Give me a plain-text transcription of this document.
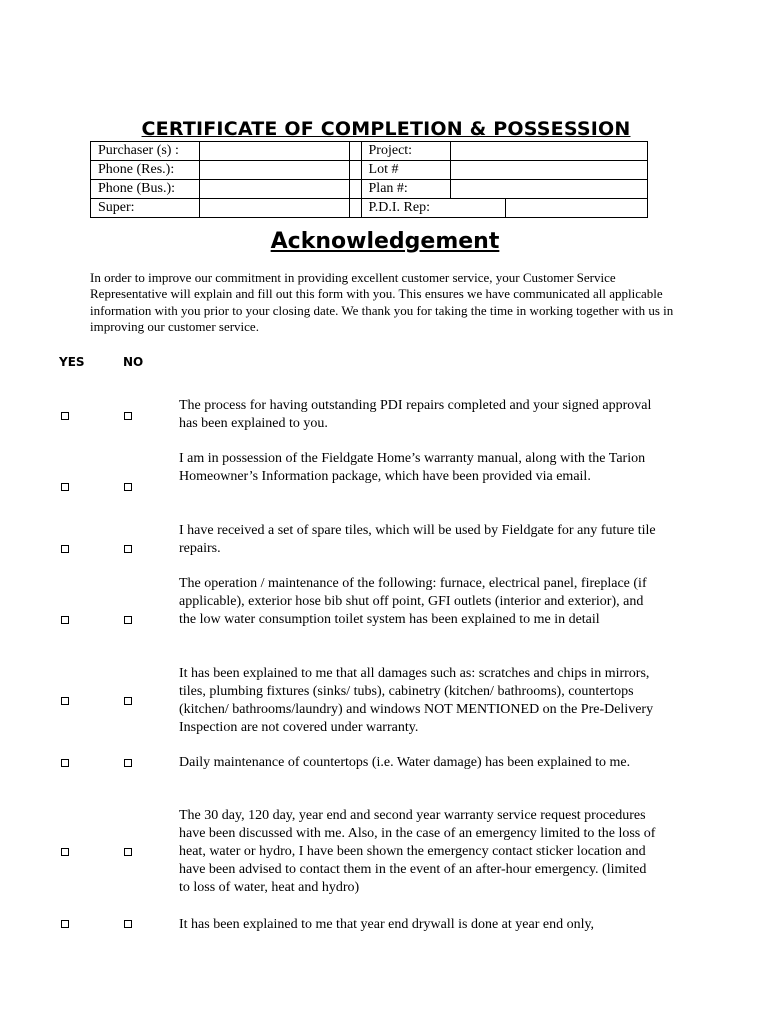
CERTIFICATE OF COMPLETION & POSSESSION
Purchaser (s) :			Project:		
Phone (Res.):			Lot #		
Phone (Bus.):			Plan #:		
Super:			P.D.I. Rep:		
Acknowledgement
In order to improve our commitment in providing excellent customer service, your Customer Service Representative will explain and fill out this form with you. This ensures we have communicated all applicable information with you prior to your closing date. We thank you for taking the time in working together with us in improving our customer service.
YES	NO
The process for having outstanding PDI repairs completed and your signed approval has been explained to you.
I am in possession of the Fieldgate Home’s warranty manual, along with the Tarion Homeowner’s Information package, which have been provided via email.
I have received a set of spare tiles, which will be used by Fieldgate for any future tile repairs.
The operation / maintenance of the following: furnace, electrical panel, fireplace (if applicable), exterior hose bib shut off point, GFI outlets (interior and exterior), and the low water consumption toilet system has been explained to me in detail
It has been explained to me that all damages such as: scratches and chips in mirrors, tiles, plumbing fixtures (sinks/ tubs), cabinetry (kitchen/ bathrooms), countertops (kitchen/ bathrooms/laundry) and windows NOT MENTIONED on the Pre-Delivery Inspection are not covered under warranty.
Daily maintenance of countertops (i.e. Water damage) has been explained to me.
The 30 day, 120 day, year end and second year warranty service request procedures have been discussed with me. Also, in the case of an emergency limited to the loss of heat, water or hydro, I have been shown the emergency contact sticker location and have been advised to contact them in the event of an after-hour emergency. (limited to loss of water, heat and hydro)
It has been explained to me that year end drywall is done at year end only,
